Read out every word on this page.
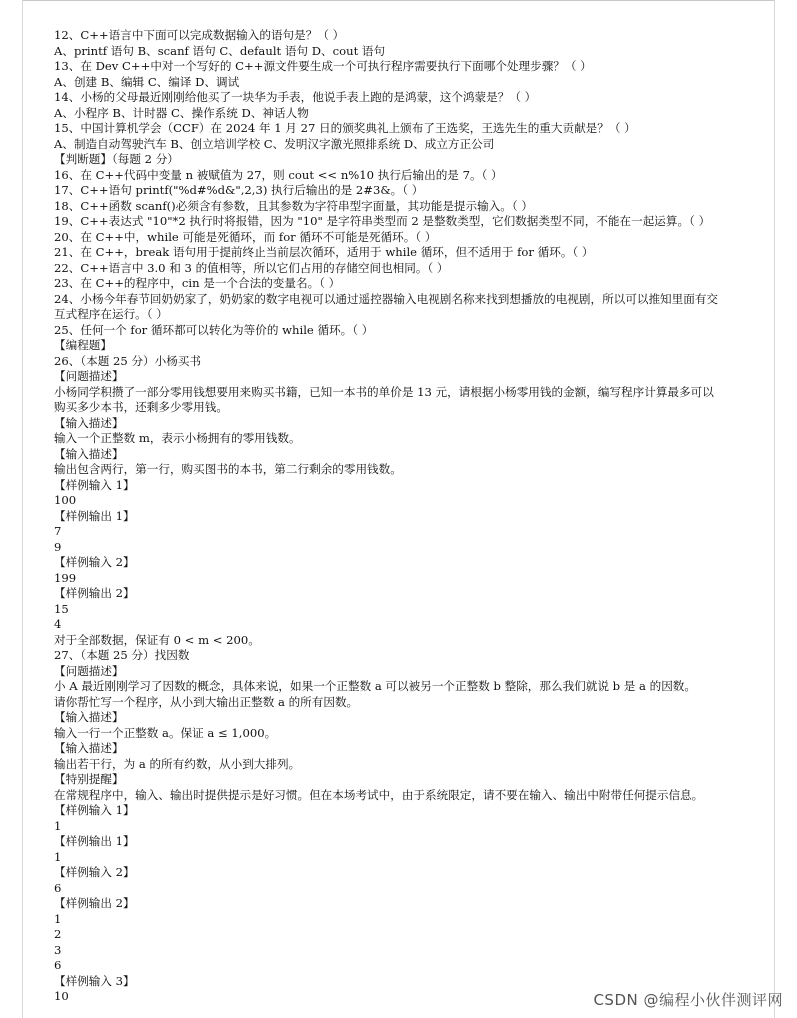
12、C++语言中下面可以完成数据输入的语句是？（ ）
A、printf 语句 B、scanf 语句 C、default 语句 D、cout 语句
13、在 Dev C++中对一个写好的 C++源文件要生成一个可执行程序需要执行下面哪个处理步骤？（ ）
A、创建 B、编辑 C、编译 D、调试
14、小杨的父母最近刚刚给他买了一块华为手表，他说手表上跑的是鸿蒙，这个鸿蒙是？（ ）
A、小程序 B、计时器 C、操作系统 D、神话人物
15、中国计算机学会（CCF）在 2024 年 1 月 27 日的颁奖典礼上颁布了王选奖，王选先生的重大贡献是？（ ）
A、制造自动驾驶汽车 B、创立培训学校 C、发明汉字激光照排系统 D、成立方正公司
【判断题】（每题 2 分）
16、在 C++代码中变量 n 被赋值为 27，则 cout << n%10 执行后输出的是 7。（ ）
17、C++语句 printf("%d#%d&",2,3) 执行后输出的是 2#3&。（ ）
18、C++函数 scanf()必须含有参数，且其参数为字符串型字面量，其功能是提示输入。（ ）
19、C++表达式 "10"*2 执行时将报错，因为 "10" 是字符串类型而 2 是整数类型，它们数据类型不同，不能在一起运算。（ ）
20、在 C++中，while 可能是死循环，而 for 循环不可能是死循环。（ ）
21、在 C++，break 语句用于提前终止当前层次循环，适用于 while 循环，但不适用于 for 循环。（ ）
22、C++语言中 3.0 和 3 的值相等，所以它们占用的存储空间也相同。（ ）
23、在 C++的程序中，cin 是一个合法的变量名。（ ）
24、小杨今年春节回奶奶家了，奶奶家的数字电视可以通过遥控器输入电视剧名称来找到想播放的电视剧，所以可以推知里面有交
互式程序在运行。（ ）
25、任何一个 for 循环都可以转化为等价的 while 循环。（ ）
【编程题】
26、（本题 25 分）小杨买书
【问题描述】
小杨同学积攒了一部分零用钱想要用来购买书籍，已知一本书的单价是 13 元，请根据小杨零用钱的金额，编写程序计算最多可以
购买多少本书，还剩多少零用钱。
【输入描述】
输入一个正整数 m，表示小杨拥有的零用钱数。
【输入描述】
输出包含两行，第一行，购买图书的本书，第二行剩余的零用钱数。
【样例输入 1】
100
【样例输出 1】
7
9
【样例输入 2】
199
【样例输出 2】
15
4
对于全部数据，保证有 0 < m < 200。
27、（本题 25 分）找因数
【问题描述】
小 A 最近刚刚学习了因数的概念，具体来说，如果一个正整数 a 可以被另一个正整数 b 整除，那么我们就说 b 是 a 的因数。
请你帮忙写一个程序，从小到大输出正整数 a 的所有因数。
【输入描述】
输入一行一个正整数 a。保证 a ≤ 1,000。
【输入描述】
输出若干行，为 a 的所有约数，从小到大排列。
【特别提醒】
在常规程序中，输入、输出时提供提示是好习惯。但在本场考试中，由于系统限定，请不要在输入、输出中附带任何提示信息。
【样例输入 1】
1
【样例输出 1】
1
【样例输入 2】
6
【样例输出 2】
1
2
3
6
【样例输入 3】
10	CSDN @编程小伙伴测评网
